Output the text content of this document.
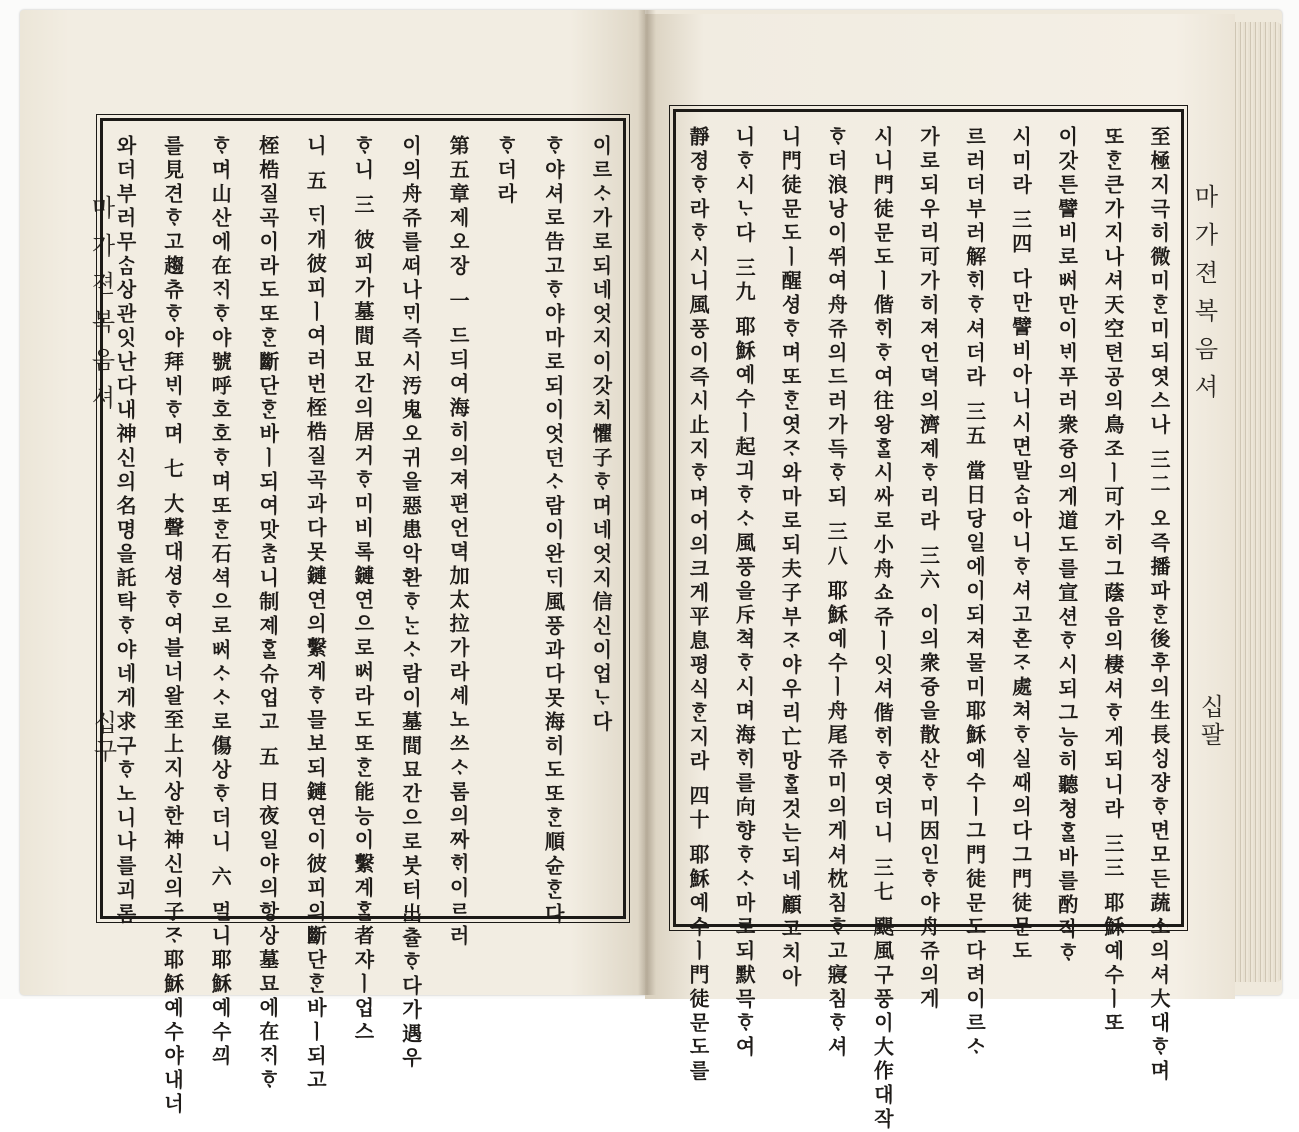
마가젼복음셔
십구
이르ᄉᆞ가로되네엇지이갓치懼子ᄒᆞ며네엇지信신이업ᄂᆞ다
ᄒᆞ야셔로告고ᄒᆞ야마로되이엇던ᄉᆞ람이완ᄃᆡ風풍과다못海히도또ᄒᆞᆫ順슌ᄒᆞᆫ다
ᄒᆞ더라
第五章제오장 一 드듸여海히의져편언뎍加太拉가라셰노쓰ᄉᆞ롬의짜ᄒᆡ이르러
이의舟쥬를ᄯᅥ나ᄆᆡ즉시汚鬼오귀을惡患악환ᄒᆞᄂᆞᆫᄉᆞ람이墓間묘간으로붓터出츌ᄒᆞ다가遇우
ᄒᆞ니 三 彼피가墓間묘간의居거ᄒᆞ미비록鏈연으로ᄡᅥ라도또ᄒᆞᆫ能능이繫계ᄒᆞᆯ者쟈ㅣ업스
니 五 ᄃᆡ개彼피ㅣ여러번桎梏질곡과다못鏈연의繫계ᄒᆞ믈보되鏈연이彼피의斷단ᄒᆞᆫ바ㅣ되고
桎梏질곡이라도또ᄒᆞᆫ斷단ᄒᆞᆫ바ㅣ되여맛ᄎᆞᆷ니制졔ᄒᆞᆯ슈업고 五 日夜일야의항상墓묘에在ᄌᆡᄒᆞ
ᄒᆞ며山산에在ᄌᆡᄒᆞ야號呼호호ᄒᆞ며또ᄒᆞᆫ石셕으로ᄡᅥᄉᆞᄉᆞ로傷상ᄒᆞ더니 六 멀니耶穌예수ᄭᅴ
를見견ᄒᆞ고趨츄ᄒᆞ야拜ᄇᆡᄒᆞ며 七 大聲대셩ᄒᆞ여블너왈至上지상한神신의子ᄌᆞ耶穌예수야내너
와더부러무ᄉᆞᆷ상관잇난다내神신의名명을託탁ᄒᆞ야네게求구ᄒᆞ노니나를괴롬	마가젼복음셔
십팔
至極지극히微미ᄒᆞᆫ미되엿스나 三二 오즉播파ᄒᆞᆫ後후의生長ᄉᆡᆼ쟝ᄒᆞ면모든蔬소의셔大대ᄒᆞ며
또ᄒᆞᆫ큰가지나셔天空텬공의鳥조ㅣ可가히그蔭음의棲셔ᄒᆞ게되니라 三三 耶穌예수ㅣ또
이갓튼譬비로ᄡᅥ만이ᄇᆡ푸러衆즁의게道도를宣션ᄒᆞ시되그능히聽쳥ᄒᆞᆯ바를酌작ᄒᆞ
시미라 三四 다만譬비아니시면말ᄉᆞᆷ아니ᄒᆞ셔고혼ᄌᆞ處쳐ᄒᆞ실ᄯᅢ의다그門徒문도
르러더부러解ᄒᆡᄒᆞ셔더라 三五 當日당일에이되져물미耶穌예수ㅣ그門徒문도다려이르ᄉᆞ
가로되우리可가히져언뎍의濟졔ᄒᆞ리라 三六 이의衆즁을散산ᄒᆞ미因인ᄒᆞ야舟쥬의게
시니門徒문도ㅣ偕ᄒᆡᄒᆞ여往왕ᄒᆞᆯ시싸로小舟쇼쥬ㅣ잇셔偕ᄒᆡᄒᆞ엿더니 三七 颶風구풍이大作대작
ᄒᆞ더浪낭이ᄯᅱ여舟쥬의드러가득ᄒᆞ되 三八 耶穌예수ㅣ舟尾쥬미의게셔枕침ᄒᆞ고寢침ᄒᆞ셔
니門徒문도ㅣ醒셩ᄒᆞ며또ᄒᆞᆫ엿ᄌᆞ와마로되夫子부ᄌᆞ야우리亡망ᄒᆞᆯ것는되네顧고치아
니ᄒᆞ시ᄂᆞ다 三九 耶穌예수ㅣ起긔ᄒᆞᄉᆞ風풍을斥쳑ᄒᆞ시며海ᄒᆡ를向향ᄒᆞᄉᆞ마로되默믁ᄒᆞ여
靜졍ᄒᆞ라ᄒᆞ시니風풍이즉시止지ᄒᆞ며어의크게平息평식ᄒᆞᆫ지라 四十 耶穌예수ㅣ門徒문도를
